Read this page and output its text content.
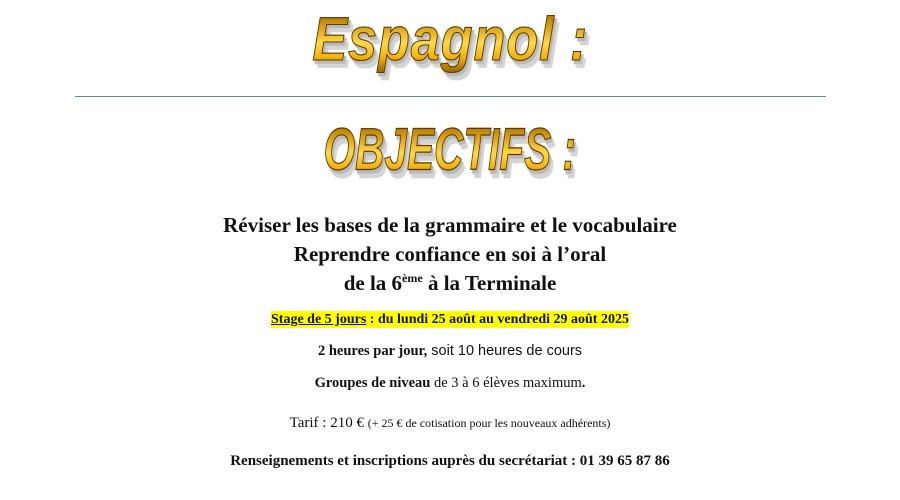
Espagnol :
OBJECTIFS :
Réviser les bases de la grammaire et le vocabulaire
Reprendre confiance en soi à l’oral
de la 6ème à la Terminale
Stage de 5 jours : du lundi 25 août au vendredi 29 août 2025
2 heures par jour, soit 10 heures de cours
Groupes de niveau de 3 à 6 élèves maximum.
Tarif : 210 € (+ 25 € de cotisation pour les nouveaux adhérents)
Renseignements et inscriptions auprès du secrétariat : 01 39 65 87 86
